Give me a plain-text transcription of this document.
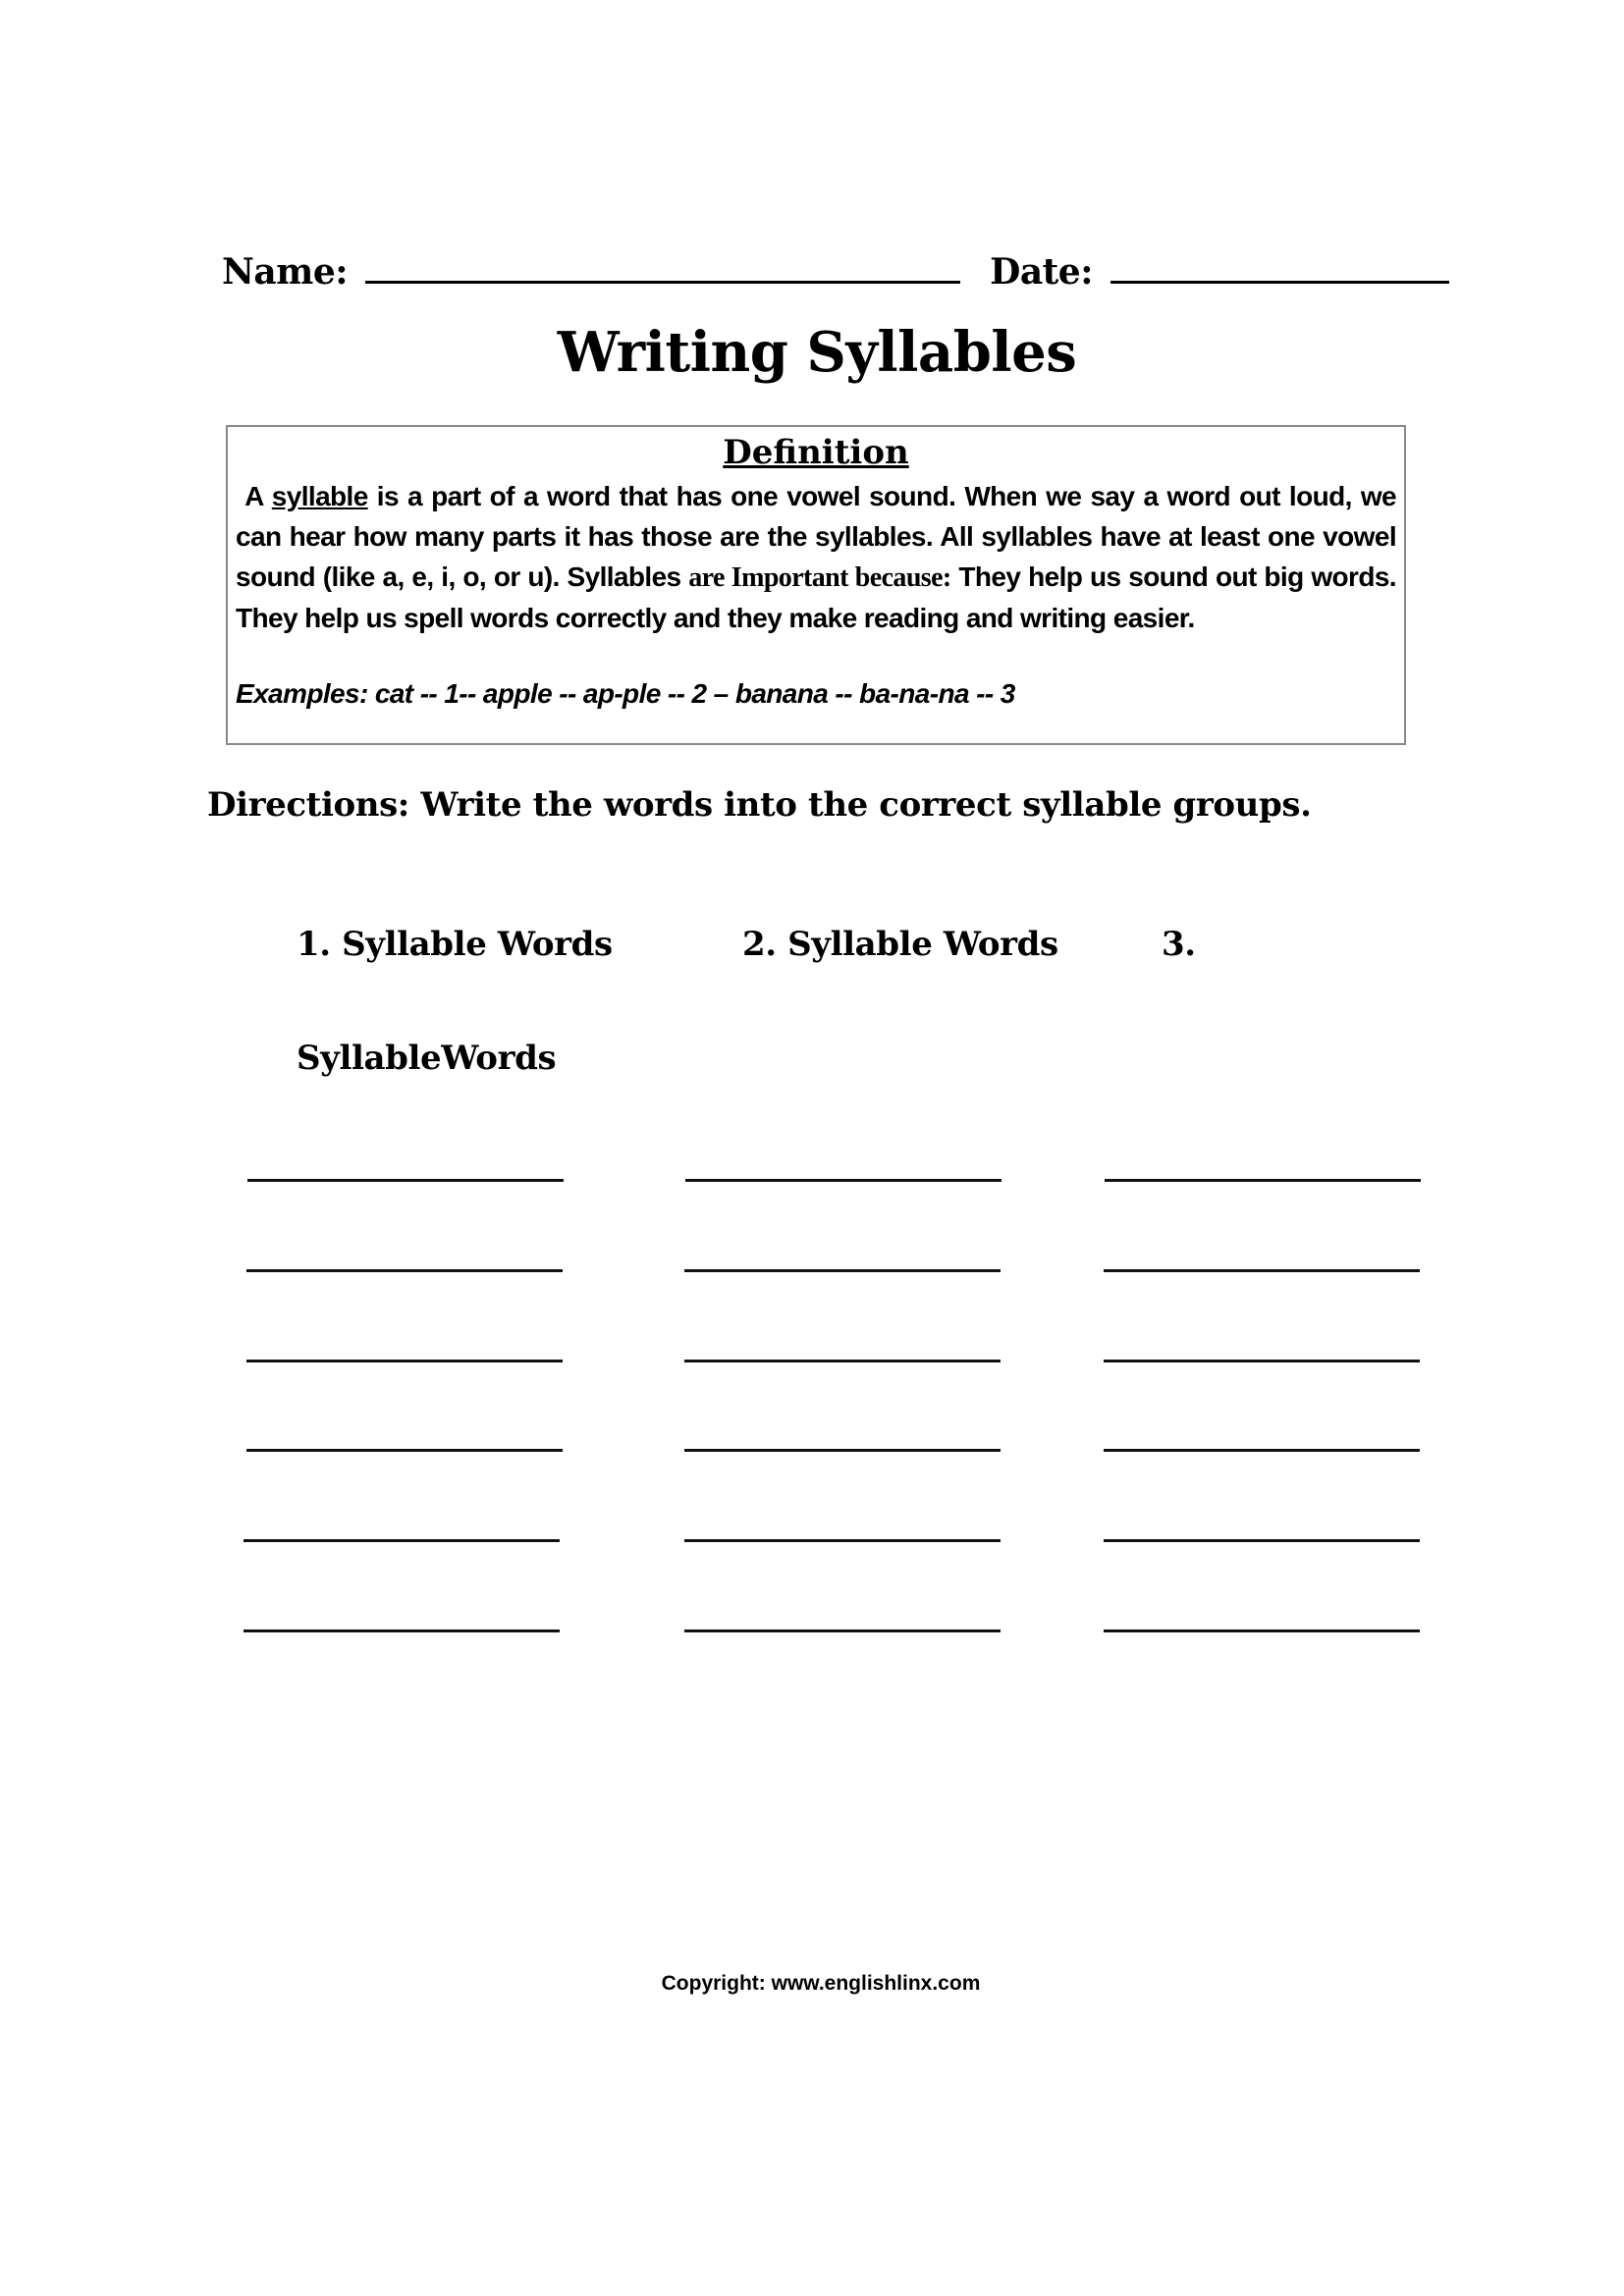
Name:	Date:
Writing Syllables
Definition
A syllable is a part of a word that has one vowel sound. When we say a word out loud, we can hear how many parts it has those are the syllables. All syllables have at least one vowel sound (like a, e, i, o, or u). Syllables are Important because: They help us sound out big words. They help us spell words correctly and they make reading and writing easier.
Examples: cat -- 1-- apple -- ap-ple -- 2 – banana -- ba-na-na -- 3
Directions: Write the words into the correct syllable groups.
1. Syllable Words	2. Syllable Words	3.
SyllableWords
Copyright: www.englishlinx.com
